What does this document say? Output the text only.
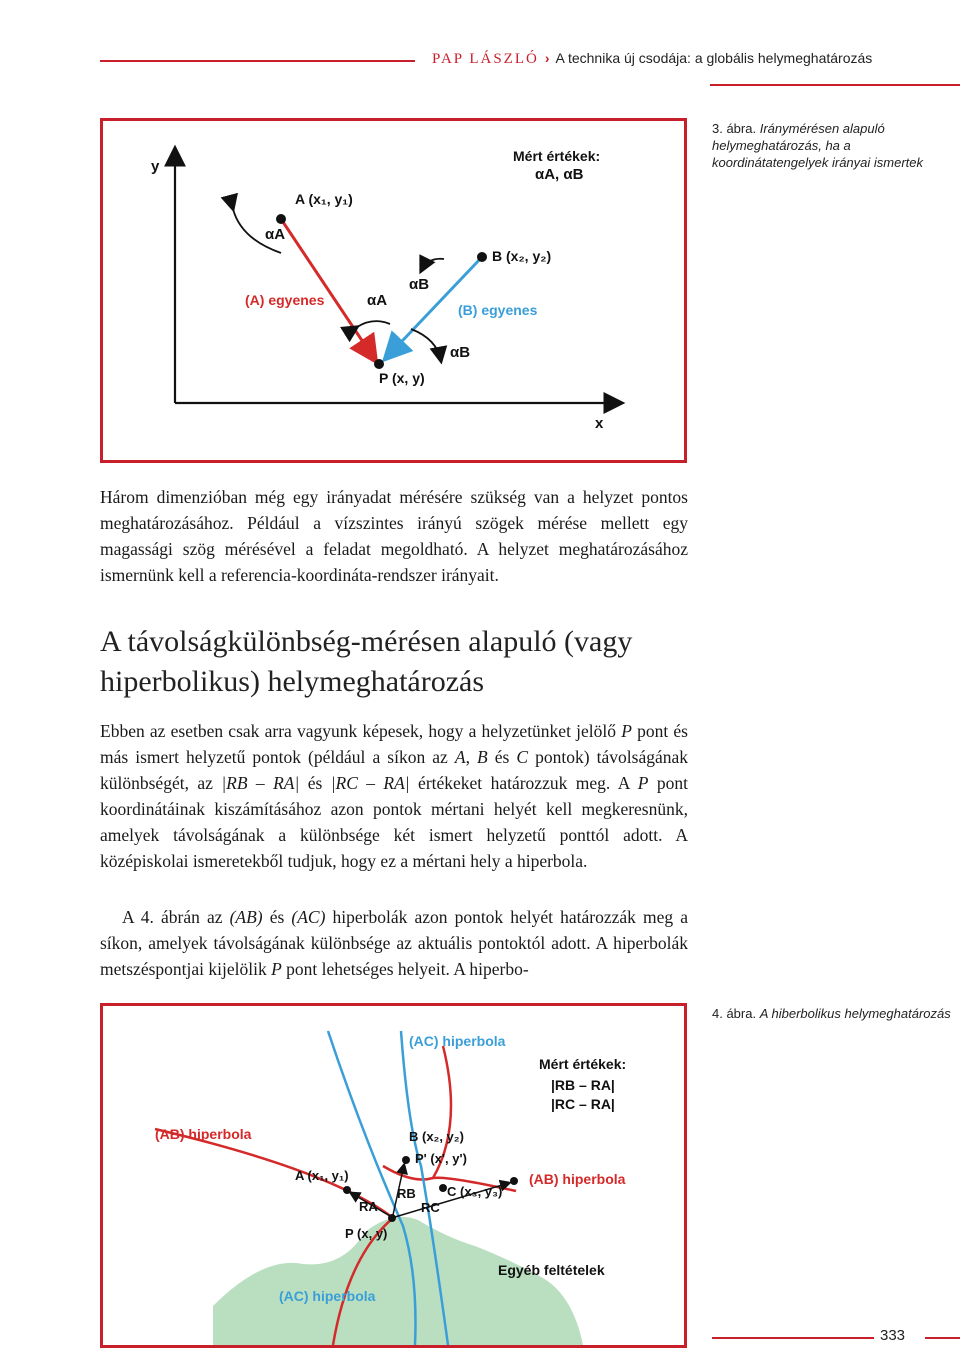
PAP LÁSZLÓ › A technika új csodája: a globális helymeghatározás
y
x
A (x₁, y₁)
B (x₂, y₂)
P (x, y)
(A) egyenes
(B) egyenes
Mért értékek:
αA, αB
αA
αB
αA
αB
3. ábra. Iránymérésen alapuló helymeghatározás, ha a koordinátatengelyek irányai ismertek
Három dimenzióban még egy irányadat mérésére szükség van a helyzet pontos meghatározásához. Például a vízszintes irányú szögek mérése mellett egy magassági szög mérésével a feladat megoldható. A helyzet meghatározásához ismernünk kell a referencia-koordináta-rendszer irányait.
A távolságkülönbség-mérésen alapuló (vagy hiperbolikus) helymeghatározás
Ebben az esetben csak arra vagyunk képesek, hogy a helyzetünket jelölő P pont és más ismert helyzetű pontok (például a síkon az A, B és C pontok) távolságának különbségét, az |RB – RA| és |RC – RA| értékeket határozzuk meg. A P pont koordinátáinak kiszámításához azon pontok mértani helyét kell megkeresnünk, amelyek távolságának a különbsége két ismert helyzetű ponttól adott. A középiskolai ismeretekből tudjuk, hogy ez a mértani hely a hiperbola.
A 4. ábrán az (AB) és (AC) hiperbolák azon pontok helyét határozzák meg a síkon, amelyek távolságának különbsége az aktuális pontoktól adott. A hiperbolák metszéspontjai kijelölik P pont lehetséges helyeit. A hiperbo-
(AC) hiperbola
(AB) hiperbola
(AB) hiperbola
(AC) hiperbola
Mért értékek:
|RB – RA|
|RC – RA|
A (x₁, y₁)
B (x₂, y₂)
P' (x', y')
C (x₃, y₃)
P (x, y)
RA
RB
RC
Egyéb feltételek
4. ábra. A hiberbolikus helymeghatározás
333
